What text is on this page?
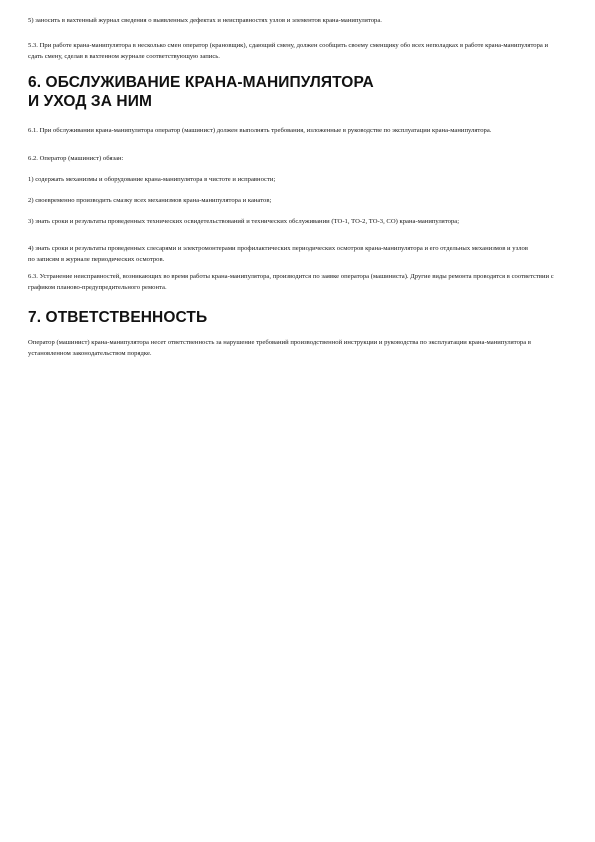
5) заносить в вахтенный журнал сведения о выявленных дефектах и неисправностях узлов и элементов крана-манипулятора.

5.3. При работе крана-манипулятора в несколько смен оператор (крановщик), сдающий смену, должен сообщить своему сменщику обо всех неполадках в работе крана-манипулятора и сдать смену, сделав в вахтенном журнале соответствующую запись.

6. ОБСЛУЖИВАНИЕ КРАНА-МАНИПУЛЯТОРА
И УХОД ЗА НИМ

6.1. При обслуживании крана-манипулятора оператор (машинист) должен выполнять требования, изложенные в руководстве по эксплуатации крана-манипулятора.

6.2. Оператор (машинист) обязан:

1) содержать механизмы и оборудование крана-манипулятора в чистоте и исправности;

2) своевременно производить смазку всех механизмов крана-манипулятора и канатов;

3) знать сроки и результаты проведенных технических освидетельствований и технических обслуживании (ТО-1, ТО-2, ТО-3, СО) крана-манипулятора;

4) знать сроки и результаты проведенных слесарями и электромонтерами профилактических периодических осмотров крана-манипулятора и его отдельных механизмов и узлов по записям в журнале периодических осмотров.

6.3. Устранение неисправностей, возникающих во время работы крана-манипулятора, производится по заявке оператора (машиниста). Другие виды ремонта проводятся в соответствии с графиком планово-предупредительного ремонта.

7. ОТВЕТСТВЕННОСТЬ

Оператор (машинист) крана-манипулятора несет ответственность за нарушение требований производственной инструкции и руководства по эксплуатации крана-манипулятора в установленном законодательством порядке.
